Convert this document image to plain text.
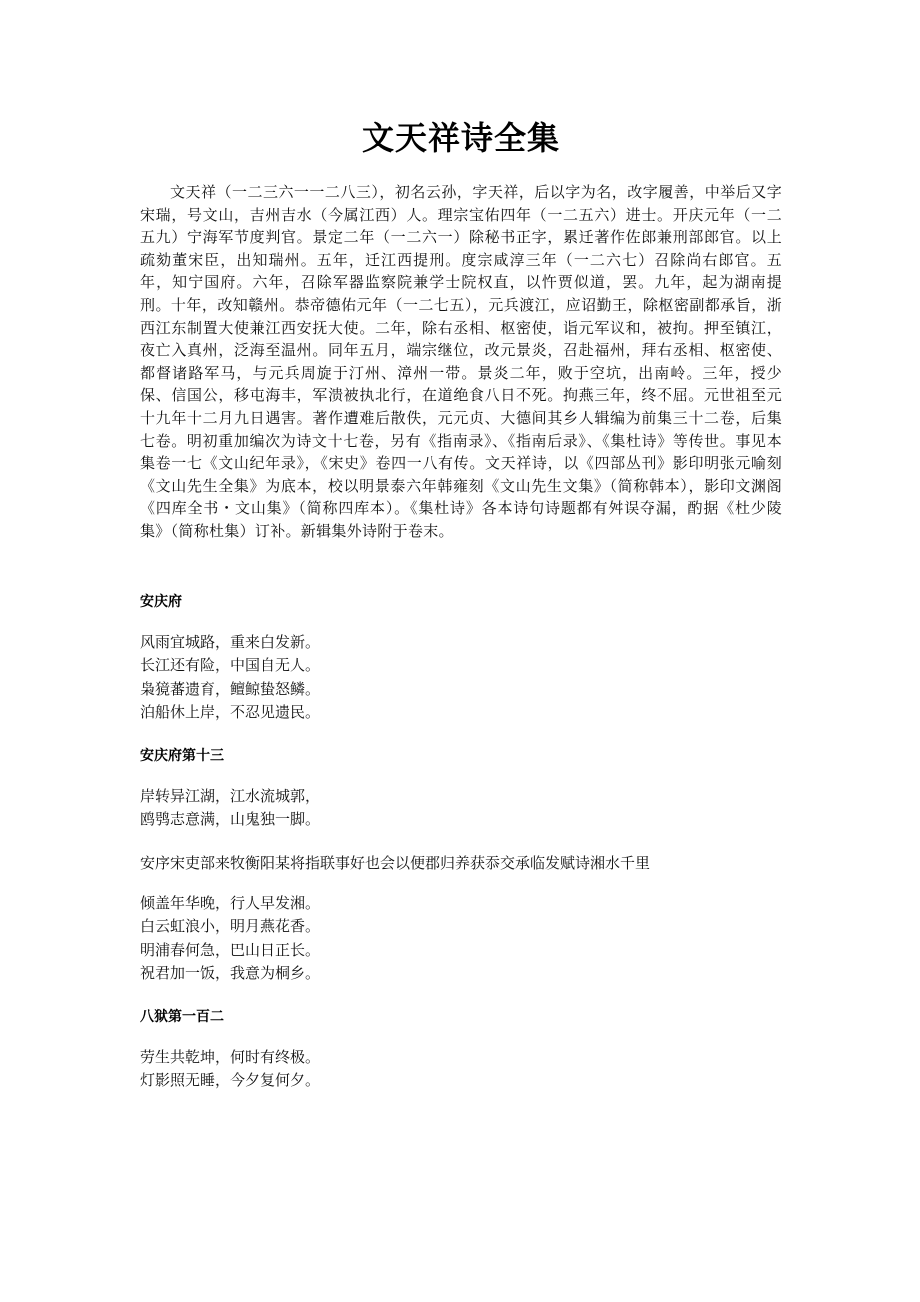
文天祥诗全集

文天祥（一二三六一一二八三），初名云孙，字天祥，后以字为名，改字履善，中举后又字宋瑞，号文山，吉州吉水（今属江西）人。理宗宝佑四年（一二五六）进士。开庆元年（一二五九）宁海军节度判官。景定二年（一二六一）除秘书正字，累迁著作佐郎兼刑部郎官。以上疏劾董宋臣，出知瑞州。五年，迁江西提刑。度宗咸淳三年（一二六七）召除尚右郎官。五年，知宁国府。六年，召除军器监察院兼学士院权直，以忤贾似道，罢。九年，起为湖南提刑。十年，改知赣州。恭帝德佑元年（一二七五），元兵渡江，应诏勤王，除枢密副都承旨，浙西江东制置大使兼江西安抚大使。二年，除右丞相、枢密使，诣元军议和，被拘。押至镇江，夜亡入真州，泛海至温州。同年五月，端宗继位，改元景炎，召赴福州，拜右丞相、枢密使、都督诸路军马，与元兵周旋于汀州、漳州一带。景炎二年，败于空坑，出南岭。三年，授少保、信国公，移屯海丰，军溃被执北行，在道绝食八日不死。拘燕三年，终不屈。元世祖至元十九年十二月九日遇害。著作遭难后散佚，元元贞、大德间其乡人辑编为前集三十二卷，后集七卷。明初重加编次为诗文十七卷，另有《指南录》、《指南后录》、《集杜诗》等传世。事见本集卷一七《文山纪年录》，《宋史》卷四一八有传。文天祥诗，以《四部丛刊》影印明张元喻刻《文山先生全集》为底本，校以明景泰六年韩雍刻《文山先生文集》（简称韩本），影印文渊阁《四库全书・文山集》（简称四库本）。《集杜诗》各本诗句诗题都有舛误夺漏，酌据《杜少陵集》（简称杜集）订补。新辑集外诗附于卷末。

安庆府

风雨宜城路，重来白发新。

长江还有险，中国自无人。

枭獍蕃遗育，鳣鲸蛰怒鳞。

泊船休上岸，不忍见遗民。

安庆府第十三

岸转异江湖，江水流城郭，

鸥鸮志意满，山鬼独一脚。

安序宋吏部来牧衡阳某将指联事好也会以便郡归养获忝交承临发赋诗湘水千里

倾盖年华晚，行人早发湘。

白云虹浪小，明月燕花香。

明浦春何急，巴山日正长。

祝君加一饭，我意为桐乡。

八狱第一百二

劳生共乾坤，何时有终极。

灯影照无睡，今夕复何夕。
